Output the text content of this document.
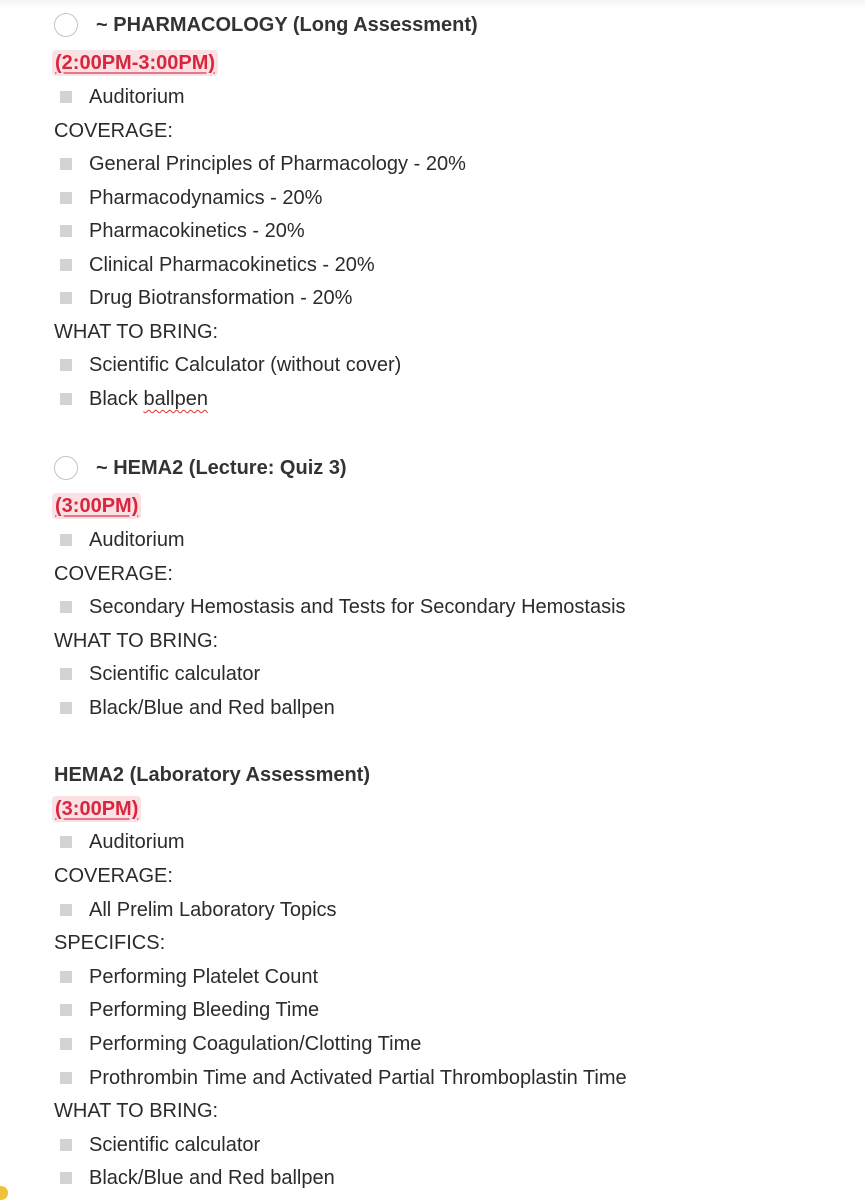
~ PHARMACOLOGY (Long Assessment)
(2:00PM-3:00PM)
Auditorium
COVERAGE:
General Principles of Pharmacology - 20%
Pharmacodynamics - 20%
Pharmacokinetics - 20%
Clinical Pharmacokinetics - 20%
Drug Biotransformation - 20%
WHAT TO BRING:
Scientific Calculator (without cover)
Black ballpen
~ HEMA2 (Lecture: Quiz 3)
(3:00PM)
Auditorium
COVERAGE:
Secondary Hemostasis and Tests for Secondary Hemostasis
WHAT TO BRING:
Scientific calculator
Black/Blue and Red ballpen
HEMA2 (Laboratory Assessment)
(3:00PM)
Auditorium
COVERAGE:
All Prelim Laboratory Topics
SPECIFICS:
Performing Platelet Count
Performing Bleeding Time
Performing Coagulation/Clotting Time
Prothrombin Time and Activated Partial Thromboplastin Time
WHAT TO BRING:
Scientific calculator
Black/Blue and Red ballpen
